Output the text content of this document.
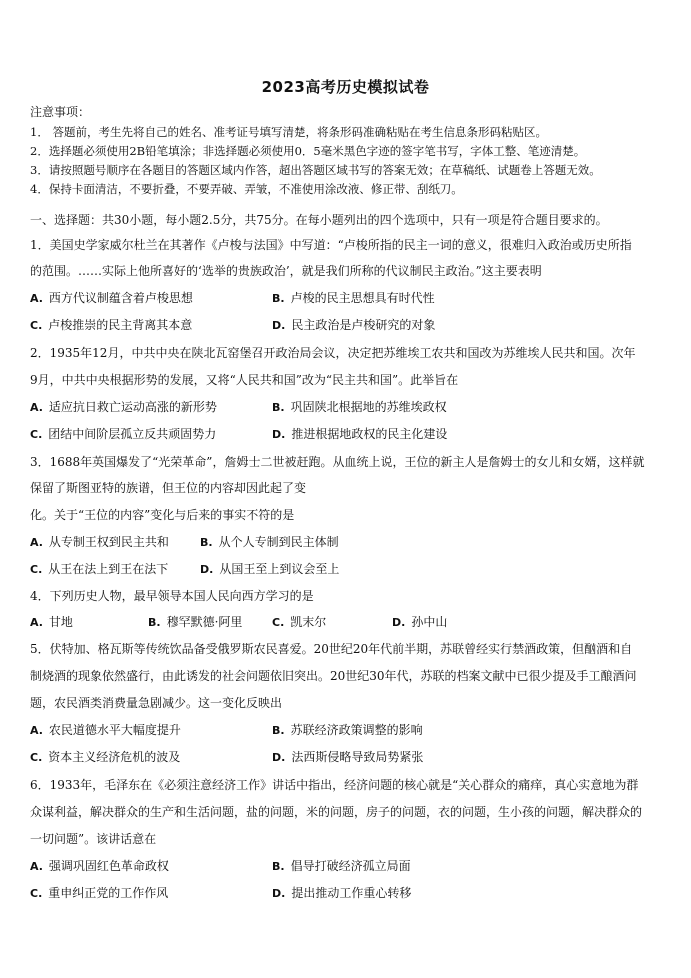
2023高考历史模拟试卷
注意事项：
1． 答题前，考生先将自己的姓名、准考证号填写清楚，将条形码准确粘贴在考生信息条形码粘贴区。
2．选择题必须使用2B铅笔填涂；非选择题必须使用0．5毫米黑色字迹的签字笔书写，字体工整、笔迹清楚。
3．请按照题号顺序在各题目的答题区域内作答，超出答题区域书写的答案无效；在草稿纸、试题卷上答题无效。
4．保持卡面清洁，不要折叠，不要弄破、弄皱，不准使用涂改液、修正带、刮纸刀。
一、选择题：共30小题，每小题2.5分，共75分。在每小题列出的四个选项中，只有一项是符合题目要求的。
1．美国史学家威尔杜兰在其著作《卢梭与法国》中写道：“卢梭所指的民主一词的意义，很难归入政治或历史所指
的范围。……实际上他所喜好的‘选举的贵族政治’，就是我们所称的代议制民主政治。”这主要表明
A. 西方代议制蕴含着卢梭思想	B. 卢梭的民主思想具有时代性
C. 卢梭推崇的民主背离其本意	D. 民主政治是卢梭研究的对象
2．1935年12月，中共中央在陕北瓦窑堡召开政治局会议，决定把苏维埃工农共和国改为苏维埃人民共和国。次年
9月，中共中央根据形势的发展，又将“人民共和国”改为“民主共和国”。此举旨在
A. 适应抗日救亡运动高涨的新形势	B. 巩固陕北根据地的苏维埃政权
C. 团结中间阶层孤立反共顽固势力	D. 推进根据地政权的民主化建设
3．1688年英国爆发了“光荣革命”，詹姆士二世被赶跑。从血统上说，王位的新主人是詹姆士的女儿和女婿，这样就
保留了斯图亚特的族谱，但王位的内容却因此起了变
化。关于“王位的内容”变化与后来的事实不符的是
A. 从专制王权到民主共和	B. 从个人专制到民主体制
C. 从王在法上到王在法下	D. 从国王至上到议会至上
4．下列历史人物，最早领导本国人民向西方学习的是
A. 甘地	B. 穆罕默德·阿里	C. 凯末尔	D. 孙中山
5．伏特加、格瓦斯等传统饮品备受俄罗斯农民喜爱。20世纪20年代前半期，苏联曾经实行禁酒政策，但酗酒和自
制烧酒的现象依然盛行，由此诱发的社会问题依旧突出。20世纪30年代，苏联的档案文献中已很少提及手工酿酒问
题，农民酒类消费量急剧减少。这一变化反映出
A. 农民道德水平大幅度提升	B. 苏联经济政策调整的影响
C. 资本主义经济危机的波及	D. 法西斯侵略导致局势紧张
6．1933年，毛泽东在《必须注意经济工作》讲话中指出，经济问题的核心就是“关心群众的痛痒，真心实意地为群
众谋利益，解决群众的生产和生活问题，盐的问题，米的问题，房子的问题，衣的问题，生小孩的问题，解决群众的
一切问题”。该讲话意在
A. 强调巩固红色革命政权	B. 倡导打破经济孤立局面
C. 重申纠正党的工作作风	D. 提出推动工作重心转移
